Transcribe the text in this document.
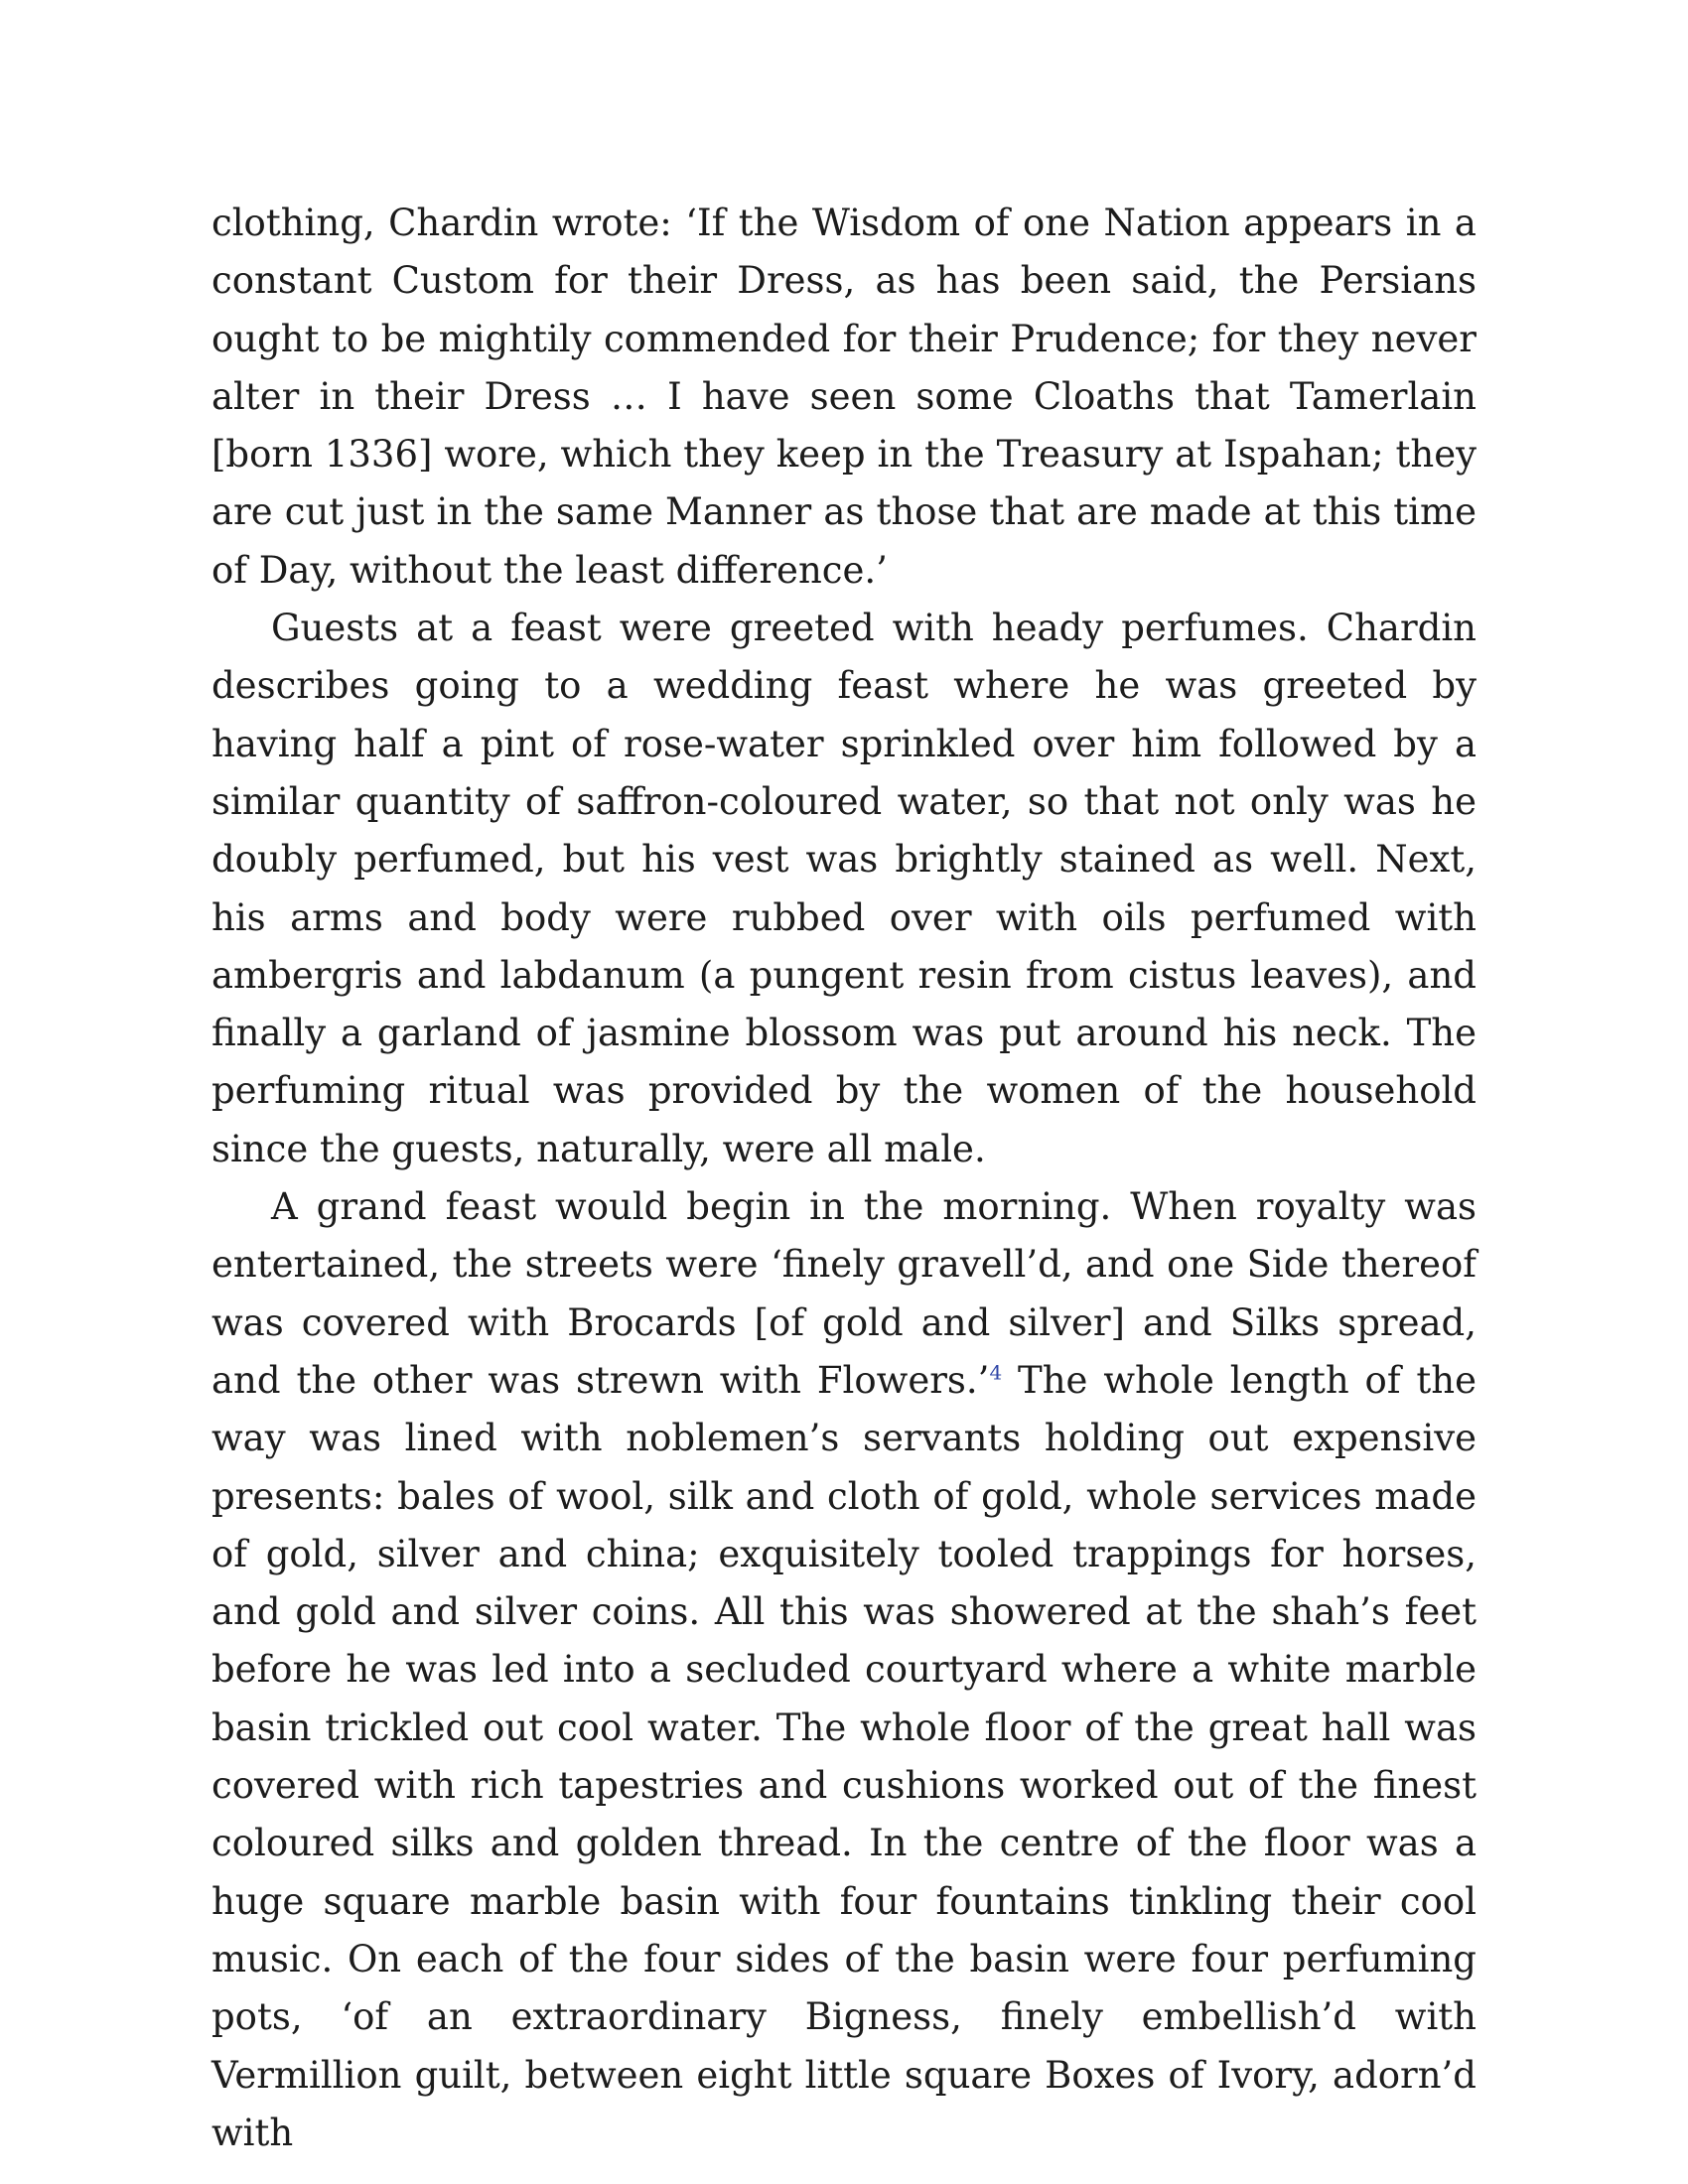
clothing, Chardin wrote: ‘If the Wisdom of one Nation appears in a constant Custom for their Dress, as has been said, the Persians ought to be mightily commended for their Prudence; for they never alter in their Dress … I have seen some Cloaths that Tamerlain [born 1336] wore, which they keep in the Treasury at Ispahan; they are cut just in the same Manner as those that are made at this time of Day, without the least difference.’

Guests at a feast were greeted with heady perfumes. Chardin describes going to a wedding feast where he was greeted by having half a pint of rose-water sprinkled over him followed by a similar quantity of saffron-coloured water, so that not only was he doubly perfumed, but his vest was brightly stained as well. Next, his arms and body were rubbed over with oils perfumed with ambergris and labdanum (a pungent resin from cistus leaves), and finally a garland of jasmine blossom was put around his neck. The perfuming ritual was provided by the women of the household since the guests, naturally, were all male.

A grand feast would begin in the morning. When royalty was entertained, the streets were ‘finely gravell’d, and one Side thereof was covered with Brocards [of gold and silver] and Silks spread, and the other was strewn with Flowers.’$^4$ The whole length of the way was lined with noblemen’s servants holding out expensive presents: bales of wool, silk and cloth of gold, whole services made of gold, silver and china; exquisitely tooled trappings for horses, and gold and silver coins. All this was showered at the shah’s feet before he was led into a secluded courtyard where a white marble basin trickled out cool water. The whole floor of the great hall was covered with rich tapestries and cushions worked out of the finest coloured silks and golden thread. In the centre of the floor was a huge square marble basin with four fountains tinkling their cool music. On each of the four sides of the basin were four perfuming pots, ‘of an extraordinary Bigness, finely embellish’d with Vermillion guilt, between eight little square Boxes of Ivory, adorn’d with
